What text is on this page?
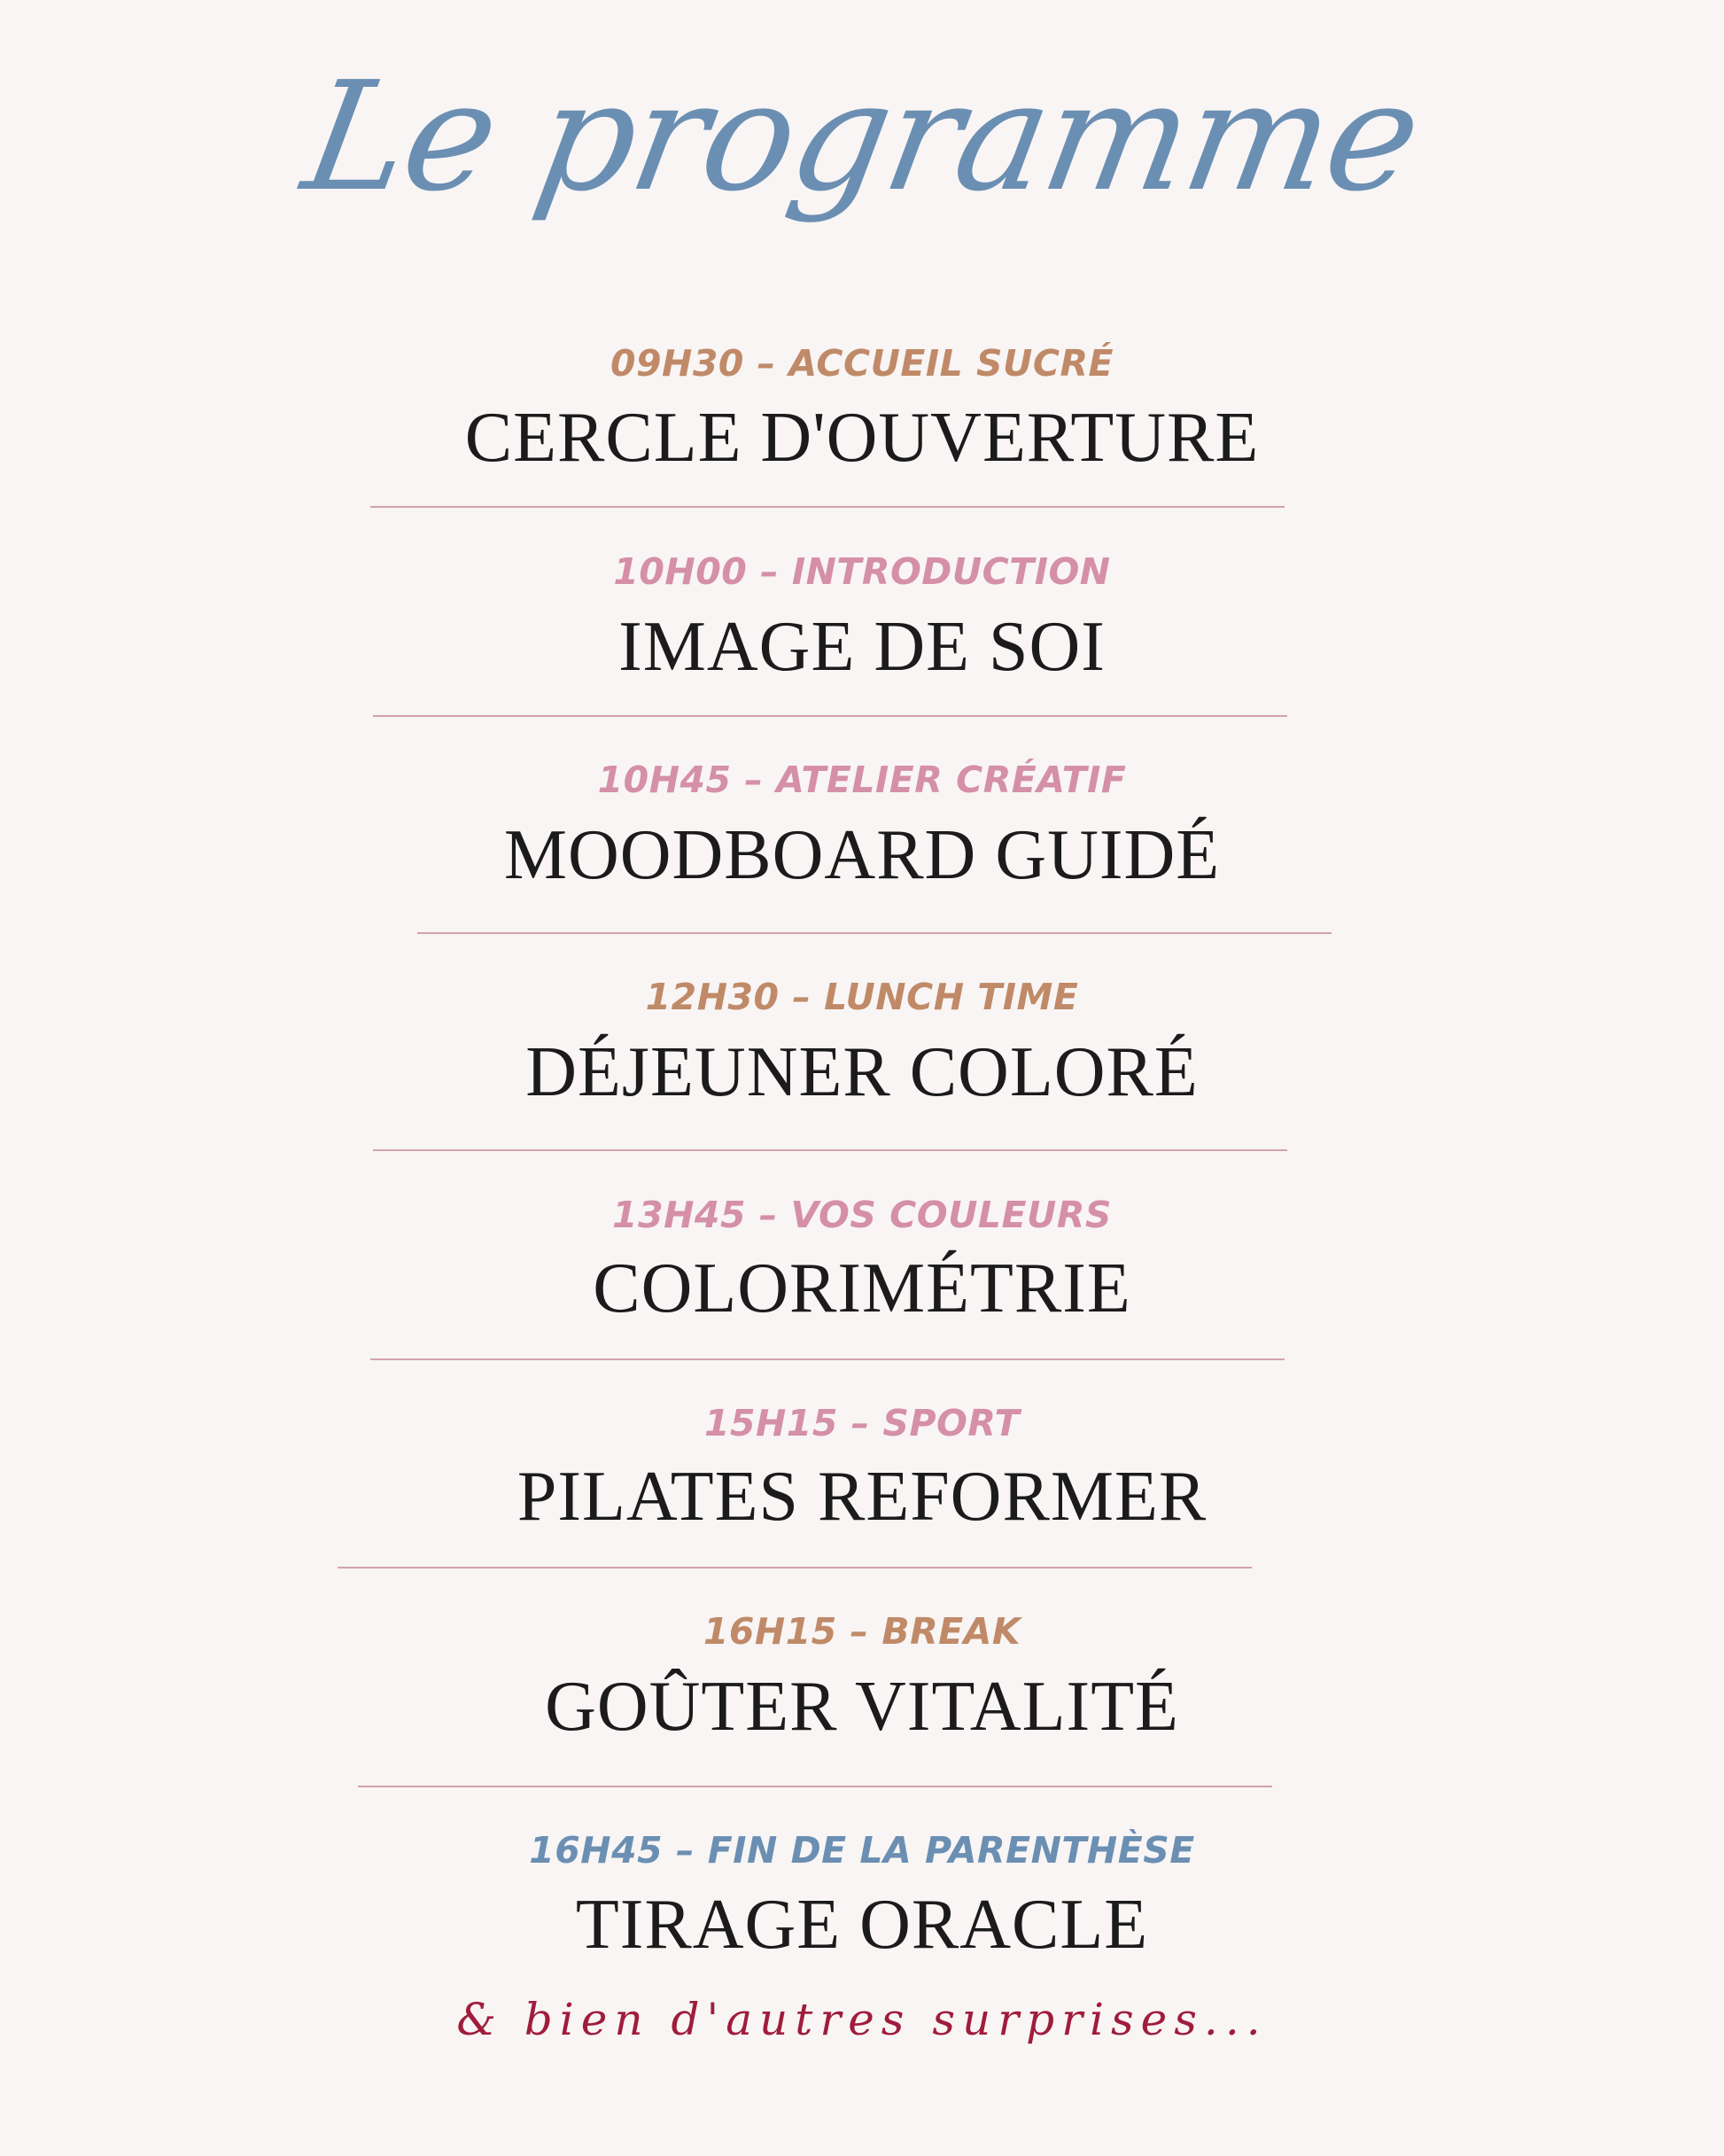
Le programme
09H30 – ACCUEIL SUCRÉ
CERCLE D'OUVERTURE
10H00 – INTRODUCTION
IMAGE DE SOI
10H45 – ATELIER CRÉATIF
MOODBOARD GUIDÉ
12H30 – LUNCH TIME
DÉJEUNER COLORÉ
13H45 – VOS COULEURS
COLORIMÉTRIE
15H15 – SPORT
PILATES REFORMER
16H15 – BREAK
GOÛTER VITALITÉ
16H45 – FIN DE LA PARENTHÈSE
TIRAGE ORACLE
& bien d'autres surprises...
